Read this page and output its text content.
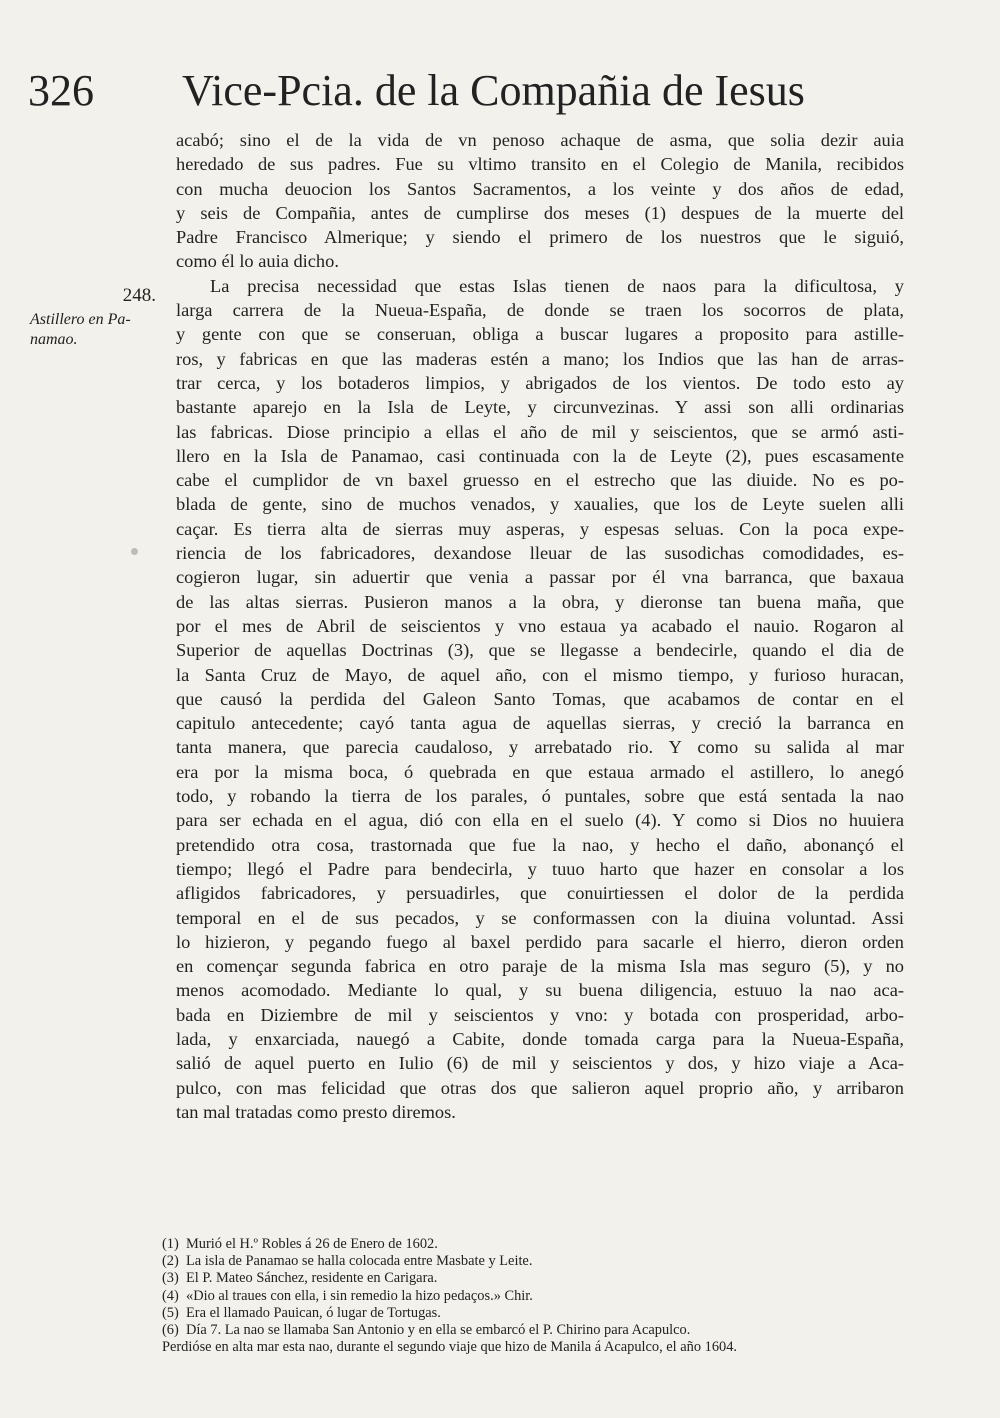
326 Vice-Pcia. de la Compañia de Iesus
248.
Astillero en Pa-
namao.
acabó; sino el de la vida de vn penoso achaque de asma, que solia dezir auia
heredado de sus padres. Fue su vltimo transito en el Colegio de Manila, recibidos
con mucha deuocion los Santos Sacramentos, a los veinte y dos años de edad,
y seis de Compañia, antes de cumplirse dos meses (1) despues de la muerte del
Padre Francisco Almerique; y siendo el primero de los nuestros que le siguió,
como él lo auia dicho.
La precisa necessidad que estas Islas tienen de naos para la dificultosa, y
larga carrera de la Nueua-España, de donde se traen los socorros de plata,
y gente con que se conseruan, obliga a buscar lugares a proposito para astille-
ros, y fabricas en que las maderas estén a mano; los Indios que las han de arras-
trar cerca, y los botaderos limpios, y abrigados de los vientos. De todo esto ay
bastante aparejo en la Isla de Leyte, y circunvezinas. Y assi son alli ordinarias
las fabricas. Diose principio a ellas el año de mil y seiscientos, que se armó asti-
llero en la Isla de Panamao, casi continuada con la de Leyte (2), pues escasamente
cabe el cumplidor de vn baxel gruesso en el estrecho que las diuide. No es po-
blada de gente, sino de muchos venados, y xaualies, que los de Leyte suelen alli
caçar. Es tierra alta de sierras muy asperas, y espesas seluas. Con la poca expe-
riencia de los fabricadores, dexandose lleuar de las susodichas comodidades, es-
cogieron lugar, sin aduertir que venia a passar por él vna barranca, que baxaua
de las altas sierras. Pusieron manos a la obra, y dieronse tan buena maña, que
por el mes de Abril de seiscientos y vno estaua ya acabado el nauio. Rogaron al
Superior de aquellas Doctrinas (3), que se llegasse a bendecirle, quando el dia de
la Santa Cruz de Mayo, de aquel año, con el mismo tiempo, y furioso huracan,
que causó la perdida del Galeon Santo Tomas, que acabamos de contar en el
capitulo antecedente; cayó tanta agua de aquellas sierras, y creció la barranca en
tanta manera, que parecia caudaloso, y arrebatado rio. Y como su salida al mar
era por la misma boca, ó quebrada en que estaua armado el astillero, lo anegó
todo, y robando la tierra de los parales, ó puntales, sobre que está sentada la nao
para ser echada en el agua, dió con ella en el suelo (4). Y como si Dios no huuiera
pretendido otra cosa, trastornada que fue la nao, y hecho el daño, abonançó el
tiempo; llegó el Padre para bendecirla, y tuuo harto que hazer en consolar a los
afligidos fabricadores, y persuadirles, que conuirtiessen el dolor de la perdida
temporal en el de sus pecados, y se conformassen con la diuina voluntad. Assi
lo hizieron, y pegando fuego al baxel perdido para sacarle el hierro, dieron orden
en començar segunda fabrica en otro paraje de la misma Isla mas seguro (5), y no
menos acomodado. Mediante lo qual, y su buena diligencia, estuuo la nao aca-
bada en Diziembre de mil y seiscientos y vno: y botada con prosperidad, arbo-
lada, y enxarciada, nauegó a Cabite, donde tomada carga para la Nueua-España,
salió de aquel puerto en Iulio (6) de mil y seiscientos y dos, y hizo viaje a Aca-
pulco, con mas felicidad que otras dos que salieron aquel proprio año, y arribaron
tan mal tratadas como presto diremos.
(1) Murió el H.º Robles á 26 de Enero de 1602.
(2) La isla de Panamao se halla colocada entre Masbate y Leite.
(3) El P. Mateo Sánchez, residente en Carigara.
(4) «Dio al traues con ella, i sin remedio la hizo pedaços.» Chir.
(5) Era el llamado Pauican, ó lugar de Tortugas.
(6) Día 7. La nao se llamaba San Antonio y en ella se embarcó el P. Chirino para Acapulco.
Perdióse en alta mar esta nao, durante el segundo viaje que hizo de Manila á Acapulco, el año 1604.
